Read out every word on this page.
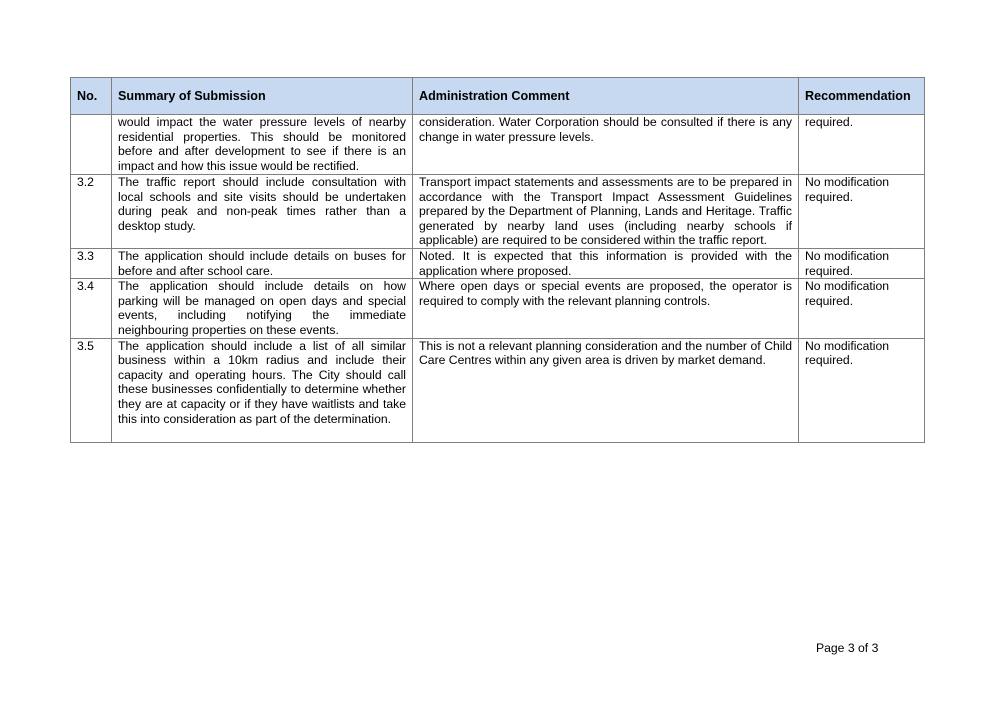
No.	Summary of Submission	Administration Comment	Recommendation
	would impact the water pressure levels of nearby residential properties. This should be monitored before and after development to see if there is an impact and how this issue would be rectified.	consideration. Water Corporation should be consulted if there is any change in water pressure levels.	required.
3.2	The traffic report should include consultation with local schools and site visits should be undertaken during peak and non-peak times rather than a desktop study.	Transport impact statements and assessments are to be prepared in accordance with the Transport Impact Assessment Guidelines prepared by the Department of Planning, Lands and Heritage. Traffic generated by nearby land uses (including nearby schools if applicable) are required to be considered within the traffic report.	No modification required.
3.3	The application should include details on buses for before and after school care.	Noted. It is expected that this information is provided with the application where proposed.	No modification required.
3.4	The application should include details on how parking will be managed on open days and special events, including notifying the immediate neighbouring properties on these events.	Where open days or special events are proposed, the operator is required to comply with the relevant planning controls.	No modification required.
3.5	The application should include a list of all similar business within a 10km radius and include their capacity and operating hours. The City should call these businesses confidentially to determine whether they are at capacity or if they have waitlists and take this into consideration as part of the determination.	This is not a relevant planning consideration and the number of Child Care Centres within any given area is driven by market demand.	No modification required.
Page 3 of 3
